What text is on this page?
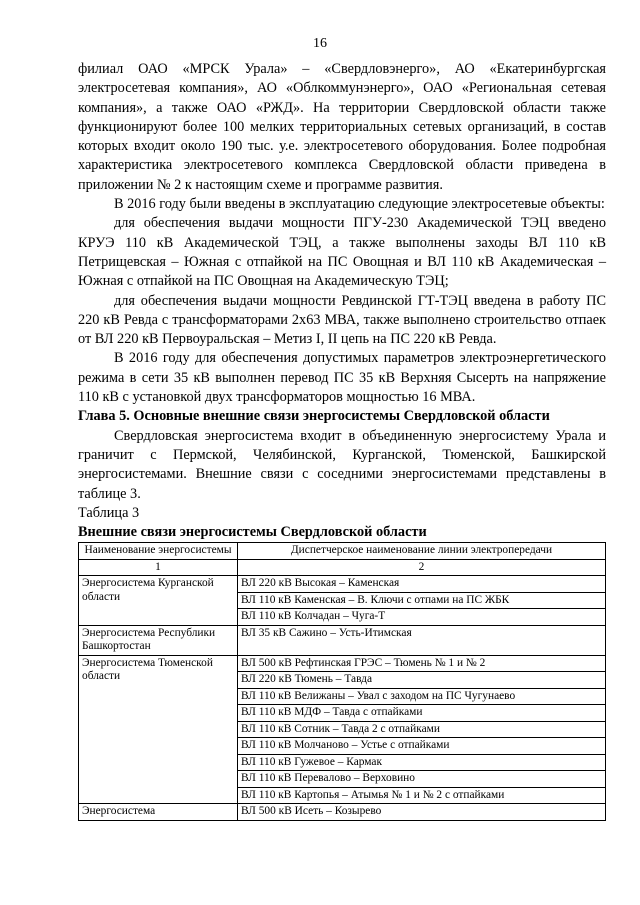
16

филиал ОАО «МРСК Урала» – «Свердловэнерго», АО «Екатеринбургская электросетевая компания», АО «Облкоммунэнерго», ОАО «Региональная сетевая компания», а также ОАО «РЖД». На территории Свердловской области также функционируют более 100 мелких территориальных сетевых организаций, в состав которых входит около 190 тыс. у.е. электросетевого оборудования. Более подробная характеристика электросетевого комплекса Свердловской области приведена в приложении № 2 к настоящим схеме и программе развития.

В 2016 году были введены в эксплуатацию следующие электросетевые объекты:

для обеспечения выдачи мощности ПГУ-230 Академической ТЭЦ введено КРУЭ 110 кВ Академической ТЭЦ, а также выполнены заходы ВЛ 110 кВ Петрищевская – Южная с отпайкой на ПС Овощная и ВЛ 110 кВ Академическая – Южная с отпайкой на ПС Овощная на Академическую ТЭЦ;

для обеспечения выдачи мощности Ревдинской ГТ-ТЭЦ введена в работу ПС 220 кВ Ревда с трансформаторами 2х63 МВА, также выполнено строительство отпаек от ВЛ 220 кВ Первоуральская – Метиз I, II цепь на ПС 220 кВ Ревда.

В 2016 году для обеспечения допустимых параметров электроэнергетического режима в сети 35 кВ выполнен перевод ПС 35 кВ Верхняя Сысерть на напряжение 110 кВ с установкой двух трансформаторов мощностью 16 МВА.

Глава 5. Основные внешние связи энергосистемы Свердловской области

Свердловская энергосистема входит в объединенную энергосистему Урала и граничит с Пермской, Челябинской, Курганской, Тюменской, Башкирской энергосистемами. Внешние связи с соседними энергосистемами представлены в таблице 3.

Таблица 3

Внешние связи энергосистемы Свердловской области

Наименование энергосистемы	Диспетчерское наименование линии электропередачи
1	2
Энергосистема Курганской области	ВЛ 220 кВ Высокая – Каменская
	ВЛ 110 кВ Каменская – В. Ключи с отпами на ПС ЖБК
	ВЛ 110 кВ Колчадан – Чуга-Т
Энергосистема Республики Башкортостан	ВЛ 35 кВ Сажино – Усть-Итимская
Энергосистема Тюменской области	ВЛ 500 кВ Рефтинская ГРЭС – Тюмень № 1 и № 2
	ВЛ 220 кВ Тюмень – Тавда
	ВЛ 110 кВ Велижаны – Увал с заходом на ПС Чугунаево
	ВЛ 110 кВ МДФ – Тавда с отпайками
	ВЛ 110 кВ Сотник – Тавда 2 с отпайками
	ВЛ 110 кВ Молчаново – Устье с отпайками
	ВЛ 110 кВ Гужевое – Кармак
	ВЛ 110 кВ Перевалово – Верховино
	ВЛ 110 кВ Картопья – Атымья № 1 и № 2 с отпайками
Энергосистема	ВЛ 500 кВ Исеть – Козырево
